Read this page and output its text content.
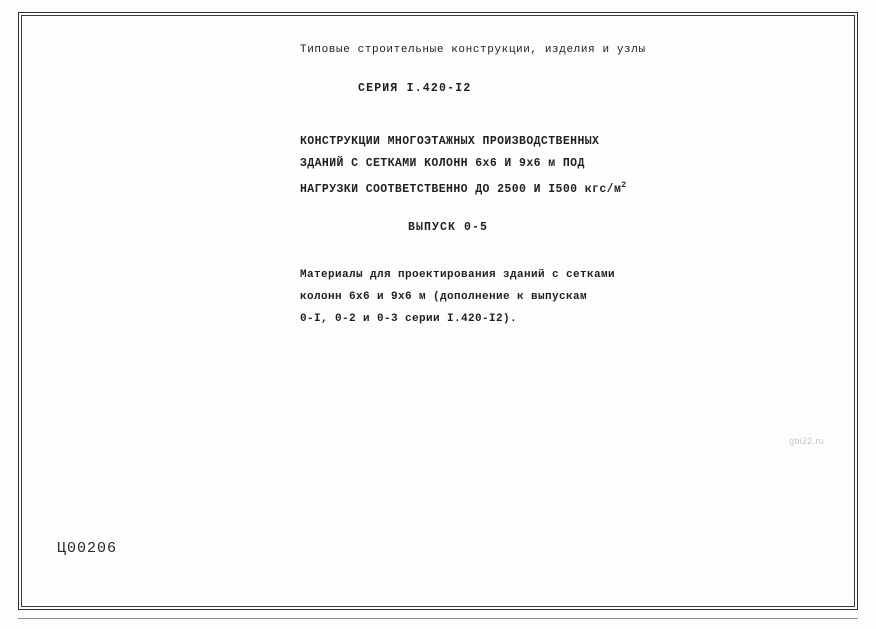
Типовые строительные конструкции, изделия и узлы
СЕРИЯ I.420-I2
КОНСТРУКЦИИ МНОГОЭТАЖНЫХ ПРОИЗВОДСТВЕННЫХ
ЗДАНИЙ С СЕТКАМИ КОЛОНН 6х6 И 9х6 м ПОД
НАГРУЗКИ СООТВЕТСТВЕННО ДО 2500 И I500 кгс/$м^2$
ВЫПУСК 0-5
Материалы для проектирования зданий с сетками
колонн 6х6 и 9х6 м (дополнение к выпускам
0-I, 0-2 и 0-3 серии I.420-I2).
gbi22.ru
Ц00206
